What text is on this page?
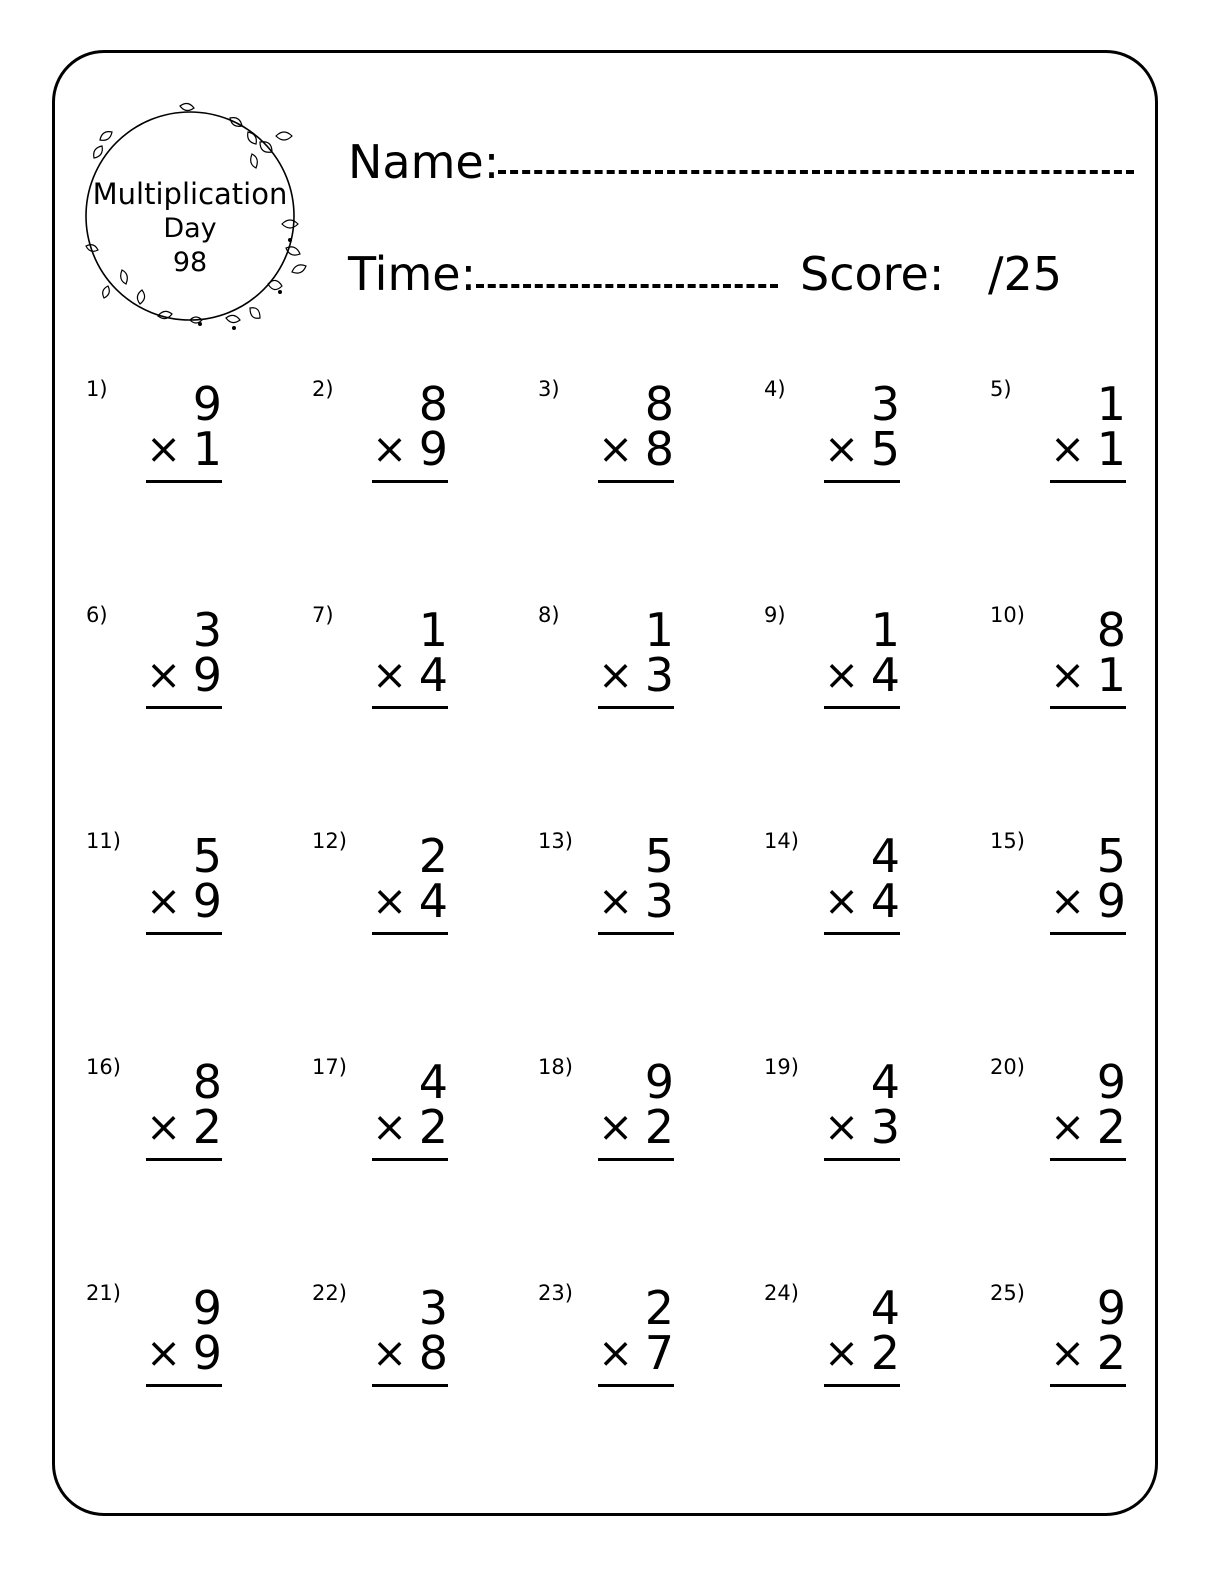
Multiplication
Day
98
Name:
Time:	Score: /25
1) 9
× 1
2) 8
× 9
3) 8
× 8
4) 3
× 5
5) 1
× 1
6) 3
× 9
7) 1
× 4
8) 1
× 3
9) 1
× 4
10) 8
× 1
11) 5
× 9
12) 2
× 4
13) 5
× 3
14) 4
× 4
15) 5
× 9
16) 8
× 2
17) 4
× 2
18) 9
× 2
19) 4
× 3
20) 9
× 2
21) 9
× 9
22) 3
× 8
23) 2
× 7
24) 4
× 2
25) 9
× 2
